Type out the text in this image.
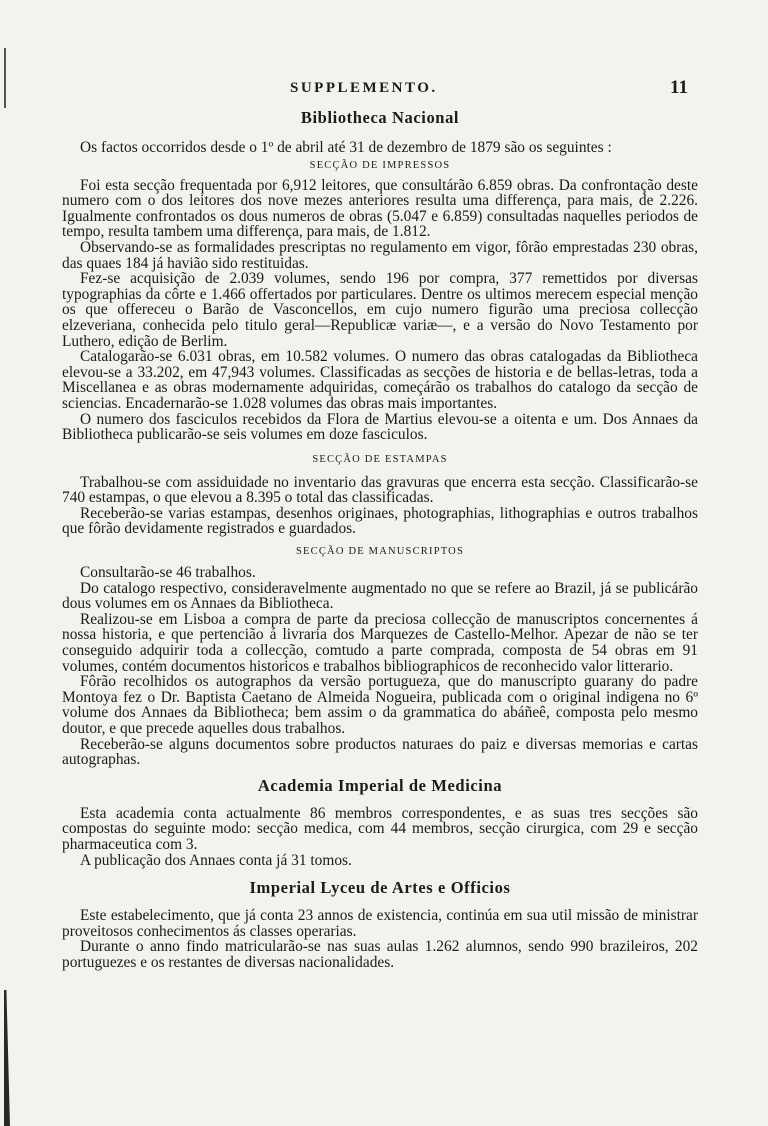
SUPPLEMENTO.	11
Bibliotheca Nacional

Os factos occorridos desde o 1º de abril até 31 de dezembro de 1879 são os seguintes :

SECÇÃO DE IMPRESSOS

Foi esta secção frequentada por 6,912 leitores, que consultárão 6.859 obras. Da confrontação deste numero com o dos leitores dos nove mezes anteriores resulta uma differença, para mais, de 2.226. Igualmente confrontados os dous numeros de obras (5.047 e 6.859) consultadas naquelles periodos de tempo, resulta tambem uma differença, para mais, de 1.812.

Observando-se as formalidades prescriptas no regulamento em vigor, fôrão emprestadas 230 obras, das quaes 184 já havião sido restituidas.

Fez-se acquisição de 2.039 volumes, sendo 196 por compra, 377 remettidos por diversas typographias da côrte e 1.466 offertados por particulares. Dentre os ultimos merecem especial menção os que offereceu o Barão de Vasconcellos, em cujo numero figurão uma preciosa collecção elzeveriana, conhecida pelo titulo geral—Republicæ variæ—, e a versão do Novo Testamento por Luthero, edição de Berlim.

Catalogarão-se 6.031 obras, em 10.582 volumes. O numero das obras catalogadas da Bibliotheca elevou-se a 33.202, em 47,943 volumes. Classificadas as secções de historia e de bellas-letras, toda a Miscellanea e as obras modernamente adquiridas, começárão os trabalhos do catalogo da secção de sciencias. Encadernarão-se 1.028 volumes das obras mais importantes.

O numero dos fasciculos recebidos da Flora de Martius elevou-se a oitenta e um. Dos Annaes da Bibliotheca publicarão-se seis volumes em doze fasciculos.

SECÇÃO DE ESTAMPAS

Trabalhou-se com assiduidade no inventario das gravuras que encerra esta secção. Classificarão-se 740 estampas, o que elevou a 8.395 o total das classificadas.

Receberão-se varias estampas, desenhos originaes, photographias, lithographias e outros trabalhos que fôrão devidamente registrados e guardados.

SECÇÃO DE MANUSCRIPTOS

Consultarão-se 46 trabalhos.

Do catalogo respectivo, consideravelmente augmentado no que se refere ao Brazil, já se publicárão dous volumes em os Annaes da Bibliotheca.

Realizou-se em Lisboa a compra de parte da preciosa collecção de manuscriptos concernentes á nossa historia, e que pertencião á livraria dos Marquezes de Castello-Melhor. Apezar de não se ter conseguido adquirir toda a collecção, comtudo a parte comprada, composta de 54 obras em 91 volumes, contém documentos historicos e trabalhos bibliographicos de reconhecido valor litterario.

Fôrão recolhidos os autographos da versão portugueza, que do manuscripto guarany do padre Montoya fez o Dr. Baptista Caetano de Almeida Nogueira, publicada com o original indigena no 6º volume dos Annaes da Bibliotheca; bem assim o da grammatica do abáñeê, composta pelo mesmo doutor, e que precede aquelles dous trabalhos.

Receberão-se alguns documentos sobre productos naturaes do paiz e diversas memorias e cartas autographas.

Academia Imperial de Medicina

Esta academia conta actualmente 86 membros correspondentes, e as suas tres secções são compostas do seguinte modo: secção medica, com 44 membros, secção cirurgica, com 29 e secção pharmaceutica com 3.

A publicação dos Annaes conta já 31 tomos.

Imperial Lyceu de Artes e Officios

Este estabelecimento, que já conta 23 annos de existencia, continúa em sua util missão de ministrar proveitosos conhecimentos ás classes operarias.

Durante o anno findo matricularão-se nas suas aulas 1.262 alumnos, sendo 990 brazileiros, 202 portuguezes e os restantes de diversas nacionalidades.
